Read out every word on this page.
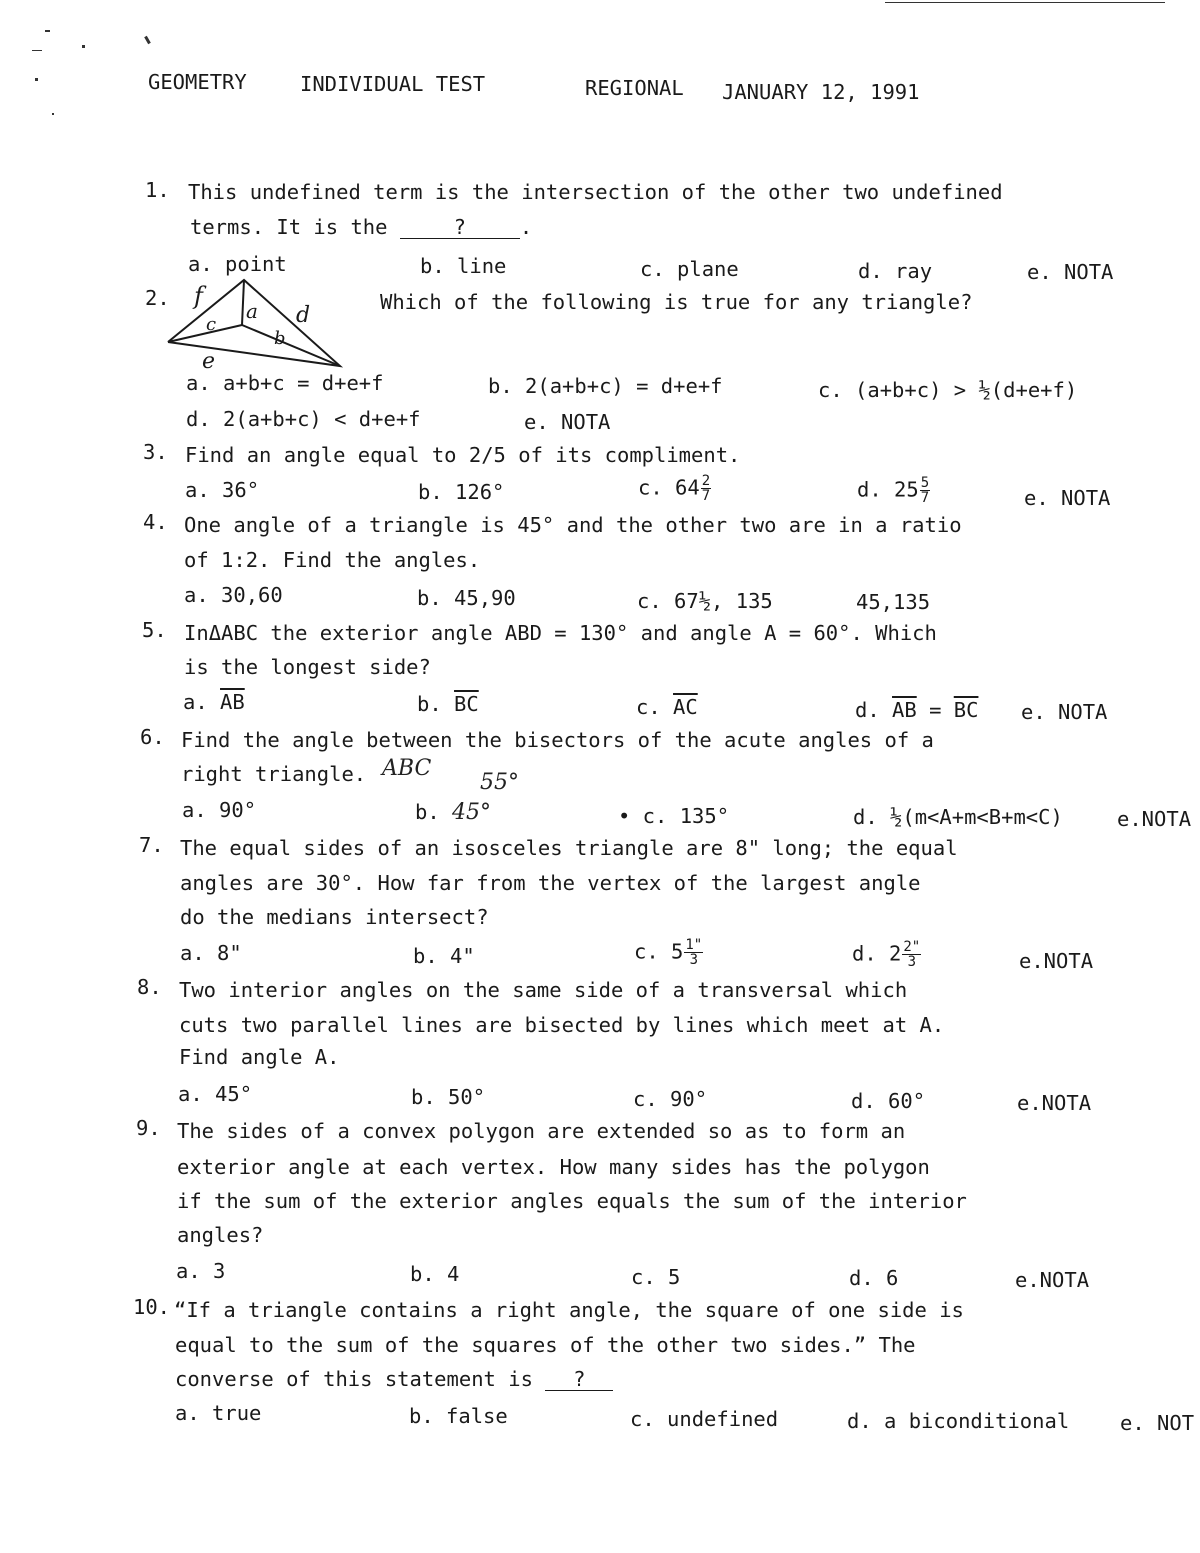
GEOMETRY	INDIVIDUAL TEST	REGIONAL JANUARY 12, 1991
1. This undefined term is the intersection of the other two undefined
terms. It is the	?	.
a. point	b. line	c. plane	d. ray	e. NOTA
2. f
a
c	d
b
e
Which of the following is true for any triangle?
a. a+b+c = d+e+f	b. 2(a+b+c) = d+e+f	c. (a+b+c) > ½(d+e+f)
d. 2(a+b+c) < d+e+f	e. NOTA
3. Find an angle equal to 2/5 of its compliment.
a. 36°	b. 126°	c. $64 \frac{2}{7}$	d. $25 \frac{5}{7}$	e. NOTA
4. One angle of a triangle is 45° and the other two are in a ratio
of 1:2. Find the angles.
a. 30,60	b. 45,90	c. 67½, 135	45,135
5. InΔABC the exterior angle ABD = 130° and angle A = 60°. Which
is the longest side?
a. $\overline{AB}$	b. $\overline{BC}$	c. $\overline{AC}$	d. $\overline{AB} = \overline{BC}$ e. NOTA
6. Find the angle between the bisectors of the acute angles of a
right triangle. ABC
55°
a. 90°	b. 45°	• c. 135°	d. ½(m<A+m<B+m<C)	e.NOTA
7. The equal sides of an isosceles triangle are 8" long; the equal
angles are 30°. How far from the vertex of the largest angle
do the medians intersect?
a. 8"	b. 4"	c. $5 \frac{1"}{3}$	d. $2 \frac{2"}{3}$	e.NOTA
8. Two interior angles on the same side of a transversal which
cuts two parallel lines are bisected by lines which meet at A.
Find angle A.
a. 45°	b. 50°	c. 90°	d. 60°	e.NOTA
9. The sides of a convex polygon are extended so as to form an
exterior angle at each vertex. How many sides has the polygon
if the sum of the exterior angles equals the sum of the interior
angles?
a. 3	b. 4	c. 5	d. 6	e.NOTA
10. “If a triangle contains a right angle, the square of one side is
equal to the sum of the squares of the other two sides.” The
converse of this statement is ?
a. true	b. false	c. undefined	d. a biconditional e. NOT
